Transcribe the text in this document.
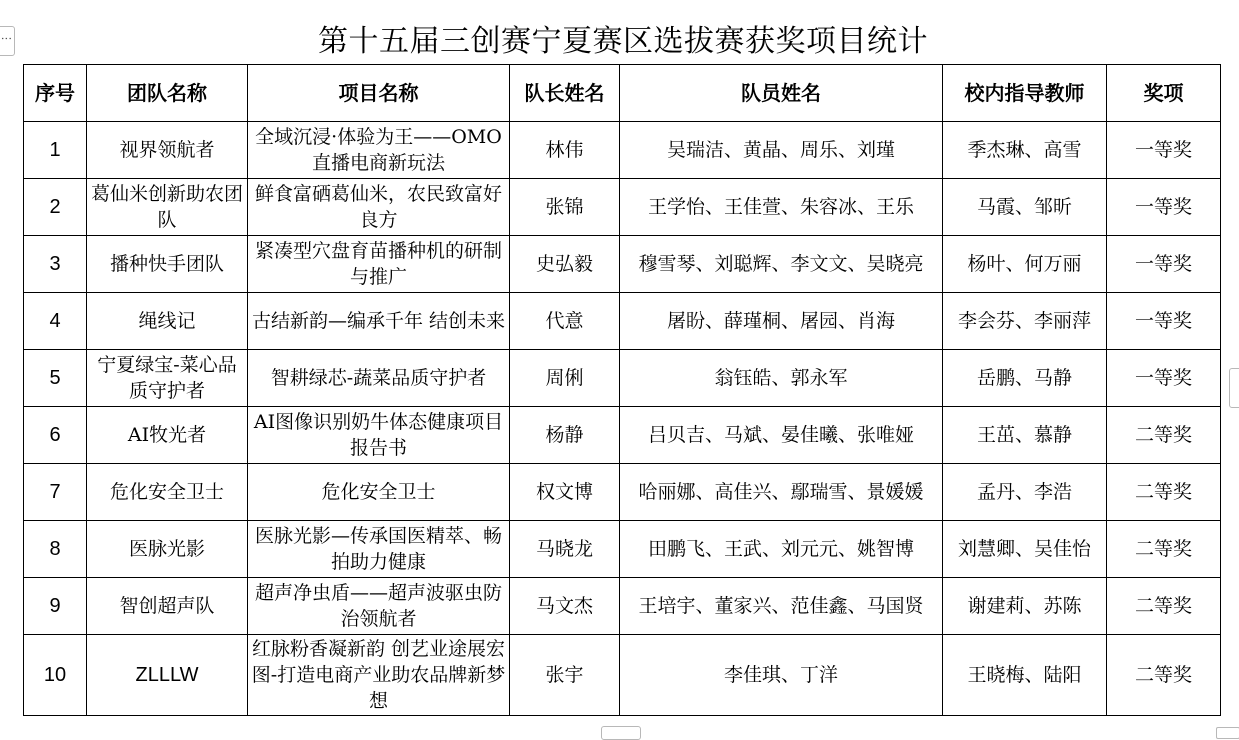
⋮	第十五届三创赛宁夏赛区选拔赛获奖项目统计
序号	团队名称	项目名称	队长姓名	队员姓名	校内指导教师	奖项
1	视界领航者	全域沉浸·体验为王——OMO直播电商新玩法	林伟	吴瑞洁、黄晶、周乐、刘瑾	季杰琳、高雪	一等奖
2	葛仙米创新助农团队	鲜食富硒葛仙米，农民致富好良方	张锦	王学怡、王佳萱、朱容冰、王乐	马霞、邹昕	一等奖
3	播种快手团队	紧凑型穴盘育苗播种机的研制与推广	史弘毅	穆雪琴、刘聪辉、李文文、吴晓亮	杨叶、何万丽	一等奖
4	绳线记	古结新韵—编承千年 结创未来	代意	屠盼、薛瑾桐、屠园、肖海	李会芬、李丽萍	一等奖
5	宁夏绿宝-菜心品质守护者	智耕绿芯-蔬菜品质守护者	周俐	翁钰皓、郭永军	岳鹏、马静	一等奖
6	AI牧光者	AI图像识别奶牛体态健康项目报告书	杨静	吕贝吉、马斌、晏佳曦、张唯娅	王茁、慕静	二等奖
7	危化安全卫士	危化安全卫士	权文博	哈丽娜、高佳兴、鄢瑞雪、景媛媛	孟丹、李浩	二等奖
8	医脉光影	医脉光影—传承国医精萃、畅拍助力健康	马晓龙	田鹏飞、王武、刘元元、姚智博	刘慧卿、吴佳怡	二等奖
9	智创超声队	超声净虫盾——超声波驱虫防治领航者	马文杰	王培宇、董家兴、范佳鑫、马国贤	谢建莉、苏陈	二等奖
10	ZLLLW	红脉粉香凝新韵 创艺业途展宏图-打造电商产业助农品牌新梦想	张宇	李佳琪、丁洋	王晓梅、陆阳	二等奖
